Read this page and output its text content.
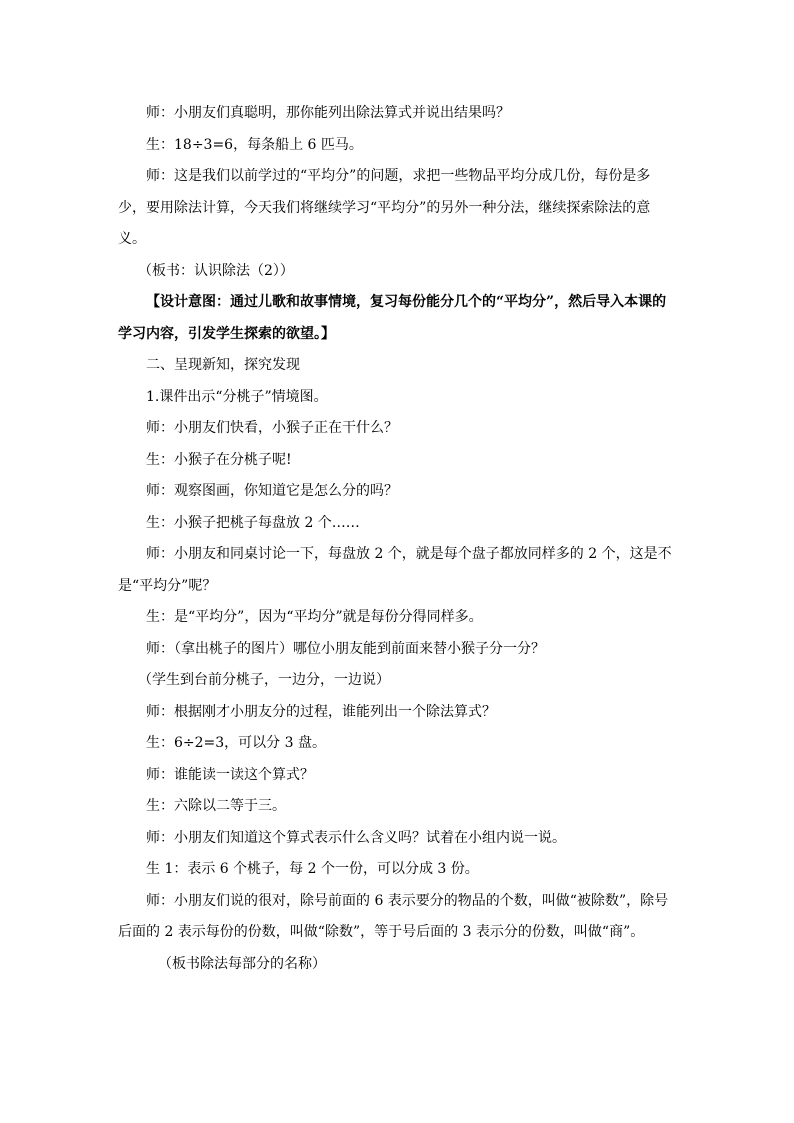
师：小朋友们真聪明，那你能列出除法算式并说出结果吗？

生：18÷3=6，每条船上 6 匹马。

师：这是我们以前学过的“平均分”的问题，求把一些物品平均分成几份，每份是多少，要用除法计算，今天我们将继续学习“平均分”的另外一种分法，继续探索除法的意义。

（板书：认识除法（2））

【设计意图：通过儿歌和故事情境，复习每份能分几个的“平均分”，然后导入本课的学习内容，引发学生探索的欲望。】

二、呈现新知，探究发现

1.课件出示“分桃子”情境图。

师：小朋友们快看，小猴子正在干什么？

生：小猴子在分桃子呢!

师：观察图画，你知道它是怎么分的吗？

生：小猴子把桃子每盘放 2 个……

师：小朋友和同桌讨论一下，每盘放 2 个，就是每个盘子都放同样多的 2 个，这是不是“平均分”呢？

生：是“平均分”，因为“平均分”就是每份分得同样多。

师：（拿出桃子的图片）哪位小朋友能到前面来替小猴子分一分？

（学生到台前分桃子，一边分，一边说）

师：根据刚才小朋友分的过程，谁能列出一个除法算式？

生：6÷2=3，可以分 3 盘。

师：谁能读一读这个算式？

生：六除以二等于三。

师：小朋友们知道这个算式表示什么含义吗？试着在小组内说一说。

生 1：表示 6 个桃子，每 2 个一份，可以分成 3 份。

师：小朋友们说的很对，除号前面的 6 表示要分的物品的个数，叫做“被除数”，除号后面的 2 表示每份的份数，叫做“除数”，等于号后面的 3 表示分的份数，叫做“商”。

（板书除法每部分的名称）
